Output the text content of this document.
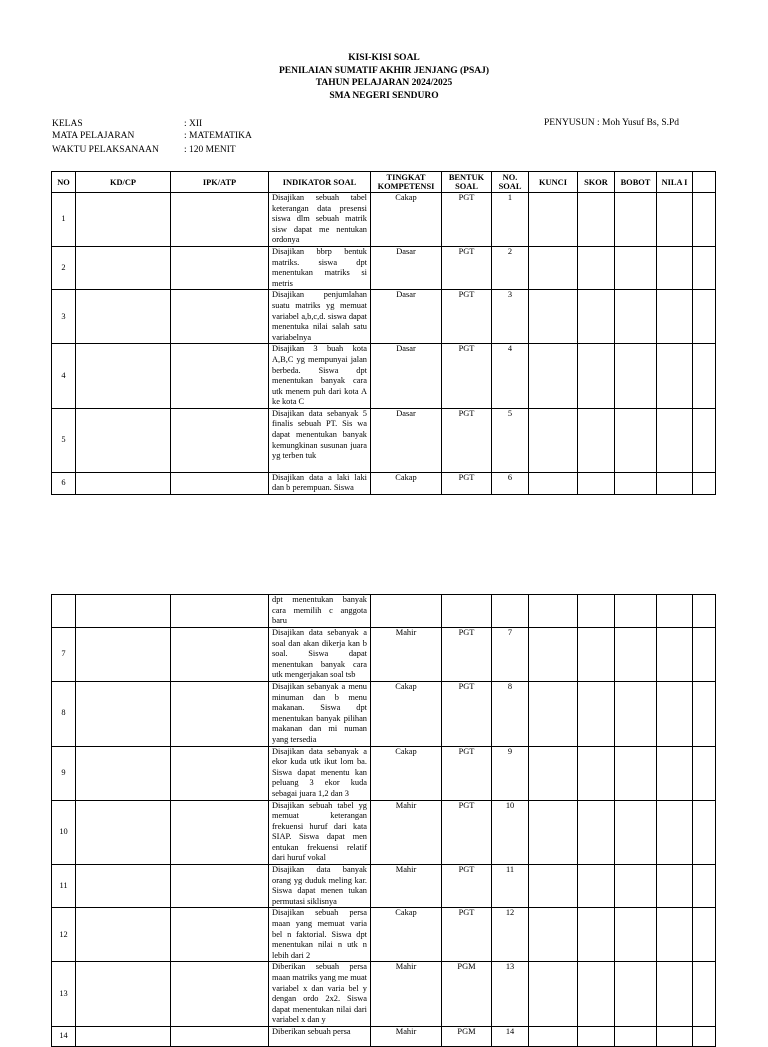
KISI-KISI SOAL
PENILAIAN SUMATIF AKHIR JENJANG (PSAJ)
TAHUN PELAJARAN 2024/2025
SMA NEGERI SENDURO
KELAS	: XII
MATA PELAJARAN	: MATEMATIKA
WAKTU PELAKSANAAN	: 120 MENIT
PENYUSUN : Moh Yusuf Bs, S.Pd
NO	KD/CP	IPK/ATP	INDIKATOR SOAL	TINGKAT KOMPETENSI	BENTUK SOAL	NO. SOAL	KUNCI	SKOR	BOBOT	NILA I	
1			Disajikan sebuah tabel keterangan data presensi siswa dlm sebuah matrik sisw dapat me nentukan ordonya	Cakap	PGT	1					
2			Disajikan bbrp bentuk matriks. siswa dpt menentukan matriks si metris	Dasar	PGT	2					
3			Disajikan penjumlahan suatu matriks yg memuat variabel a,b,c,d. siswa dapat menentuka nilai salah satu variabelnya	Dasar	PGT	3					
4			Disajikan 3 buah kota A,B,C yg mempunyai jalan berbeda. Siswa dpt menentukan banyak cara utk menem puh dari kota A ke kota C	Dasar	PGT	4					
5			Disajikan data sebanyak 5 finalis sebuah PT. Sis wa dapat menentukan banyak kemungkinan susunan juara yg terben tuk	Dasar	PGT	5					
6			Disajikan data a laki laki dan b perempuan. Siswa	Cakap	PGT	6					
			dpt menentukan banyak cara memilih c anggota baru								
7			Disajikan data sebanyak a soal dan akan dikerja kan b soal. Siswa dapat menentukan banyak cara utk mengerjakan soal tsb	Mahir	PGT	7					
8			Disajikan sebanyak a menu minuman dan b menu makanan. Siswa dpt menentukan banyak pilihan makanan dan mi numan yang tersedia	Cakap	PGT	8					
9			Disajikan data sebanyak a ekor kuda utk ikut lom ba. Siswa dapat menentu kan peluang 3 ekor kuda sebagai juara 1,2 dan 3	Cakap	PGT	9					
10			Disajikan sebuah tabel yg memuat keterangan frekuensi huruf dari kata SIAP. Siswa dapat men entukan frekuensi relatif dari huruf vokal	Mahir	PGT	10					
11			Disajikan data banyak orang yg duduk meling kar. Siswa dapat menen tukan permutasi siklisnya	Mahir	PGT	11					
12			Disajikan sebuah persa maan yang memuat varia bel n faktorial. Siswa dpt menentukan nilai n utk n lebih dari 2	Cakap	PGT	12					
13			Diberikan sebuah persa maan matriks yang me muat variabel x dan varia bel y dengan ordo 2x2. Siswa dapat menentukan nilai dari variabel x dan y	Mahir	PGM	13					
14			Diberikan sebuah persa	Mahir	PGM	14					
